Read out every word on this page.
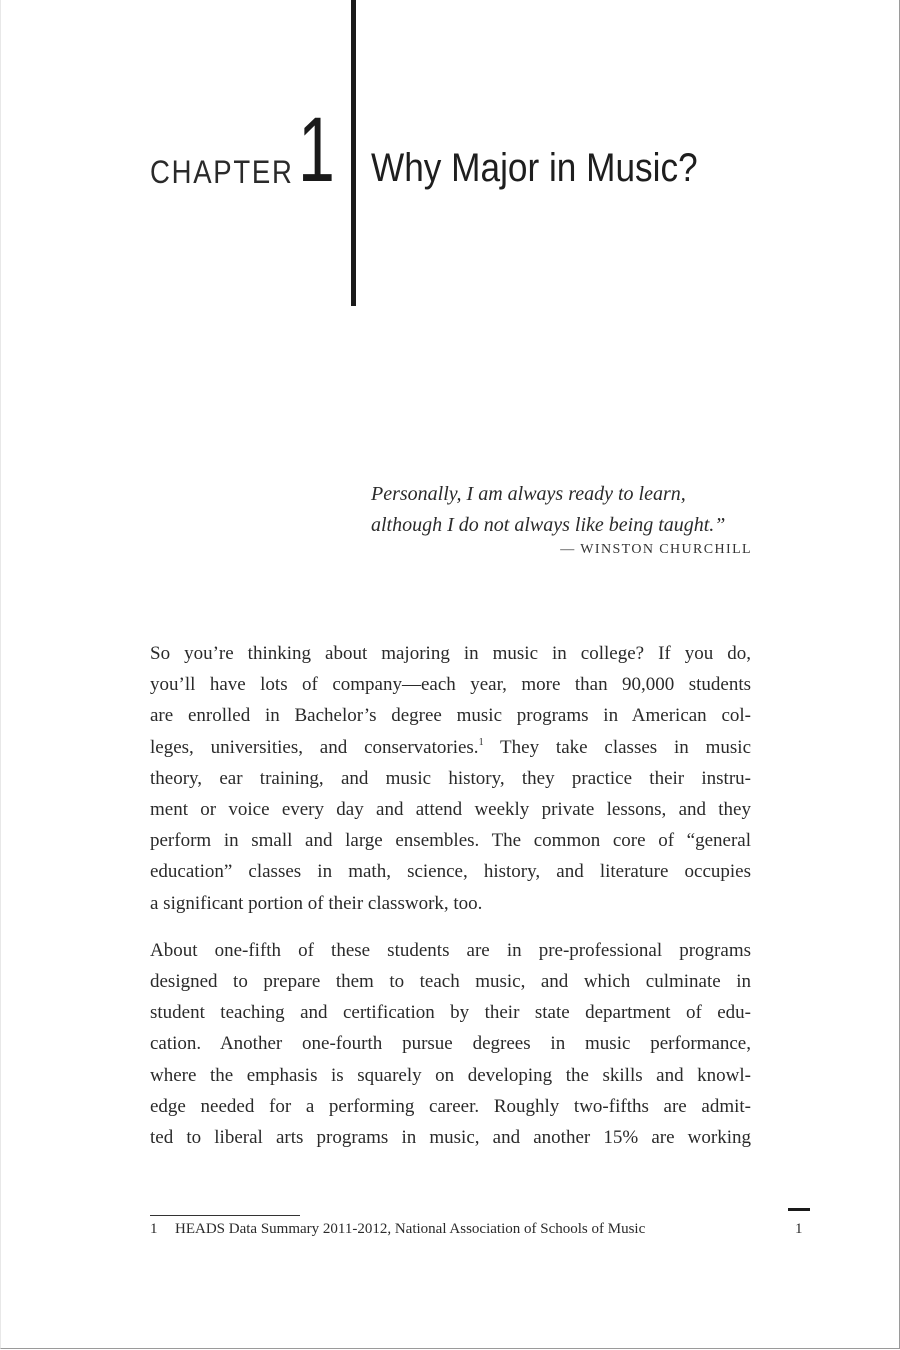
CHAPTER 1 Why Major in Music?
Personally, I am always ready to learn,
although I do not always like being taught.”
— WINSTON CHURCHILL

So you’re thinking about majoring in music in college? If you do,
you’ll have lots of company—each year, more than 90,000 students
are enrolled in Bachelor’s degree music programs in American col-
leges, universities, and conservatories.$^1$ They take classes in music
theory, ear training, and music history, they practice their instru-
ment or voice every day and attend weekly private lessons, and they
perform in small and large ensembles. The common core of “general
education” classes in math, science, history, and literature occupies
a significant portion of their classwork, too.

About one-fifth of these students are in pre-professional programs
designed to prepare them to teach music, and which culminate in
student teaching and certification by their state department of edu-
cation. Another one-fourth pursue degrees in music performance,
where the emphasis is squarely on developing the skills and knowl-
edge needed for a performing career. Roughly two-fifths are admit-
ted to liberal arts programs in music, and another 15% are working

1 HEADS Data Summary 2011-2012, National Association of Schools of Music	1
